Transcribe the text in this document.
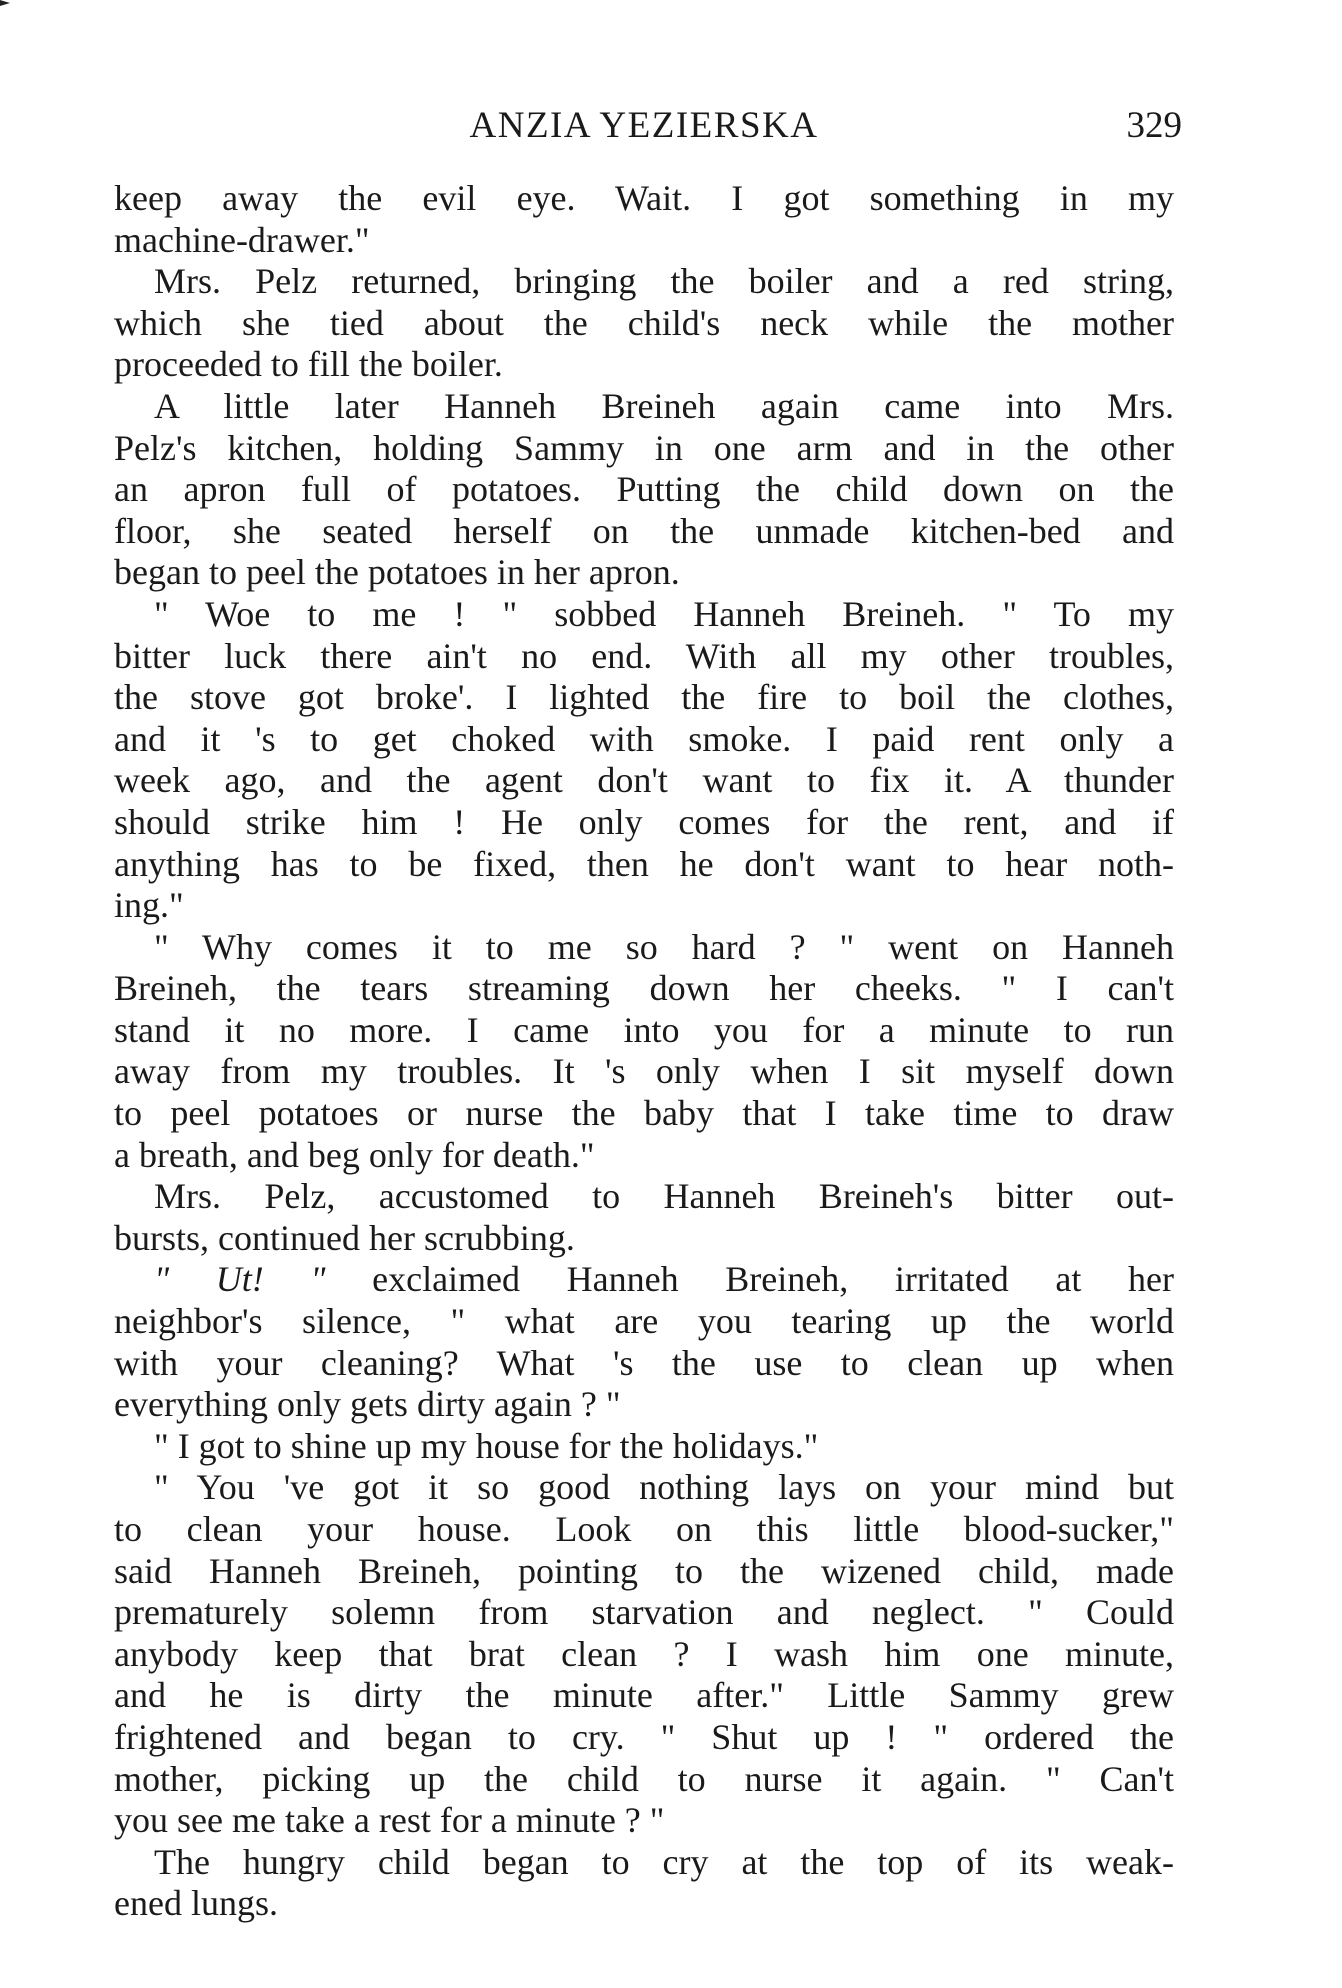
ANZIA YEZIERSKA	329
keep away the evil eye. Wait. I got something in my
machine-drawer."
Mrs. Pelz returned, bringing the boiler and a red string,
which she tied about the child's neck while the mother
proceeded to fill the boiler.
A little later Hanneh Breineh again came into Mrs.
Pelz's kitchen, holding Sammy in one arm and in the other
an apron full of potatoes. Putting the child down on the
floor, she seated herself on the unmade kitchen-bed and
began to peel the potatoes in her apron.
" Woe to me ! " sobbed Hanneh Breineh. " To my
bitter luck there ain't no end. With all my other troubles,
the stove got broke'. I lighted the fire to boil the clothes,
and it 's to get choked with smoke. I paid rent only a
week ago, and the agent don't want to fix it. A thunder
should strike him ! He only comes for the rent, and if
anything has to be fixed, then he don't want to hear noth-
ing."
" Why comes it to me so hard ? " went on Hanneh
Breineh, the tears streaming down her cheeks. " I can't
stand it no more. I came into you for a minute to run
away from my troubles. It 's only when I sit myself down
to peel potatoes or nurse the baby that I take time to draw
a breath, and beg only for death."
Mrs. Pelz, accustomed to Hanneh Breineh's bitter out-
bursts, continued her scrubbing.
" Ut! " exclaimed Hanneh Breineh, irritated at her
neighbor's silence, " what are you tearing up the world
with your cleaning? What 's the use to clean up when
everything only gets dirty again ? "
" I got to shine up my house for the holidays."
" You 've got it so good nothing lays on your mind but
to clean your house. Look on this little blood-sucker,"
said Hanneh Breineh, pointing to the wizened child, made
prematurely solemn from starvation and neglect. " Could
anybody keep that brat clean ? I wash him one minute,
and he is dirty the minute after." Little Sammy grew
frightened and began to cry. " Shut up ! " ordered the
mother, picking up the child to nurse it again. " Can't
you see me take a rest for a minute ? "
The hungry child began to cry at the top of its weak-
ened lungs.
